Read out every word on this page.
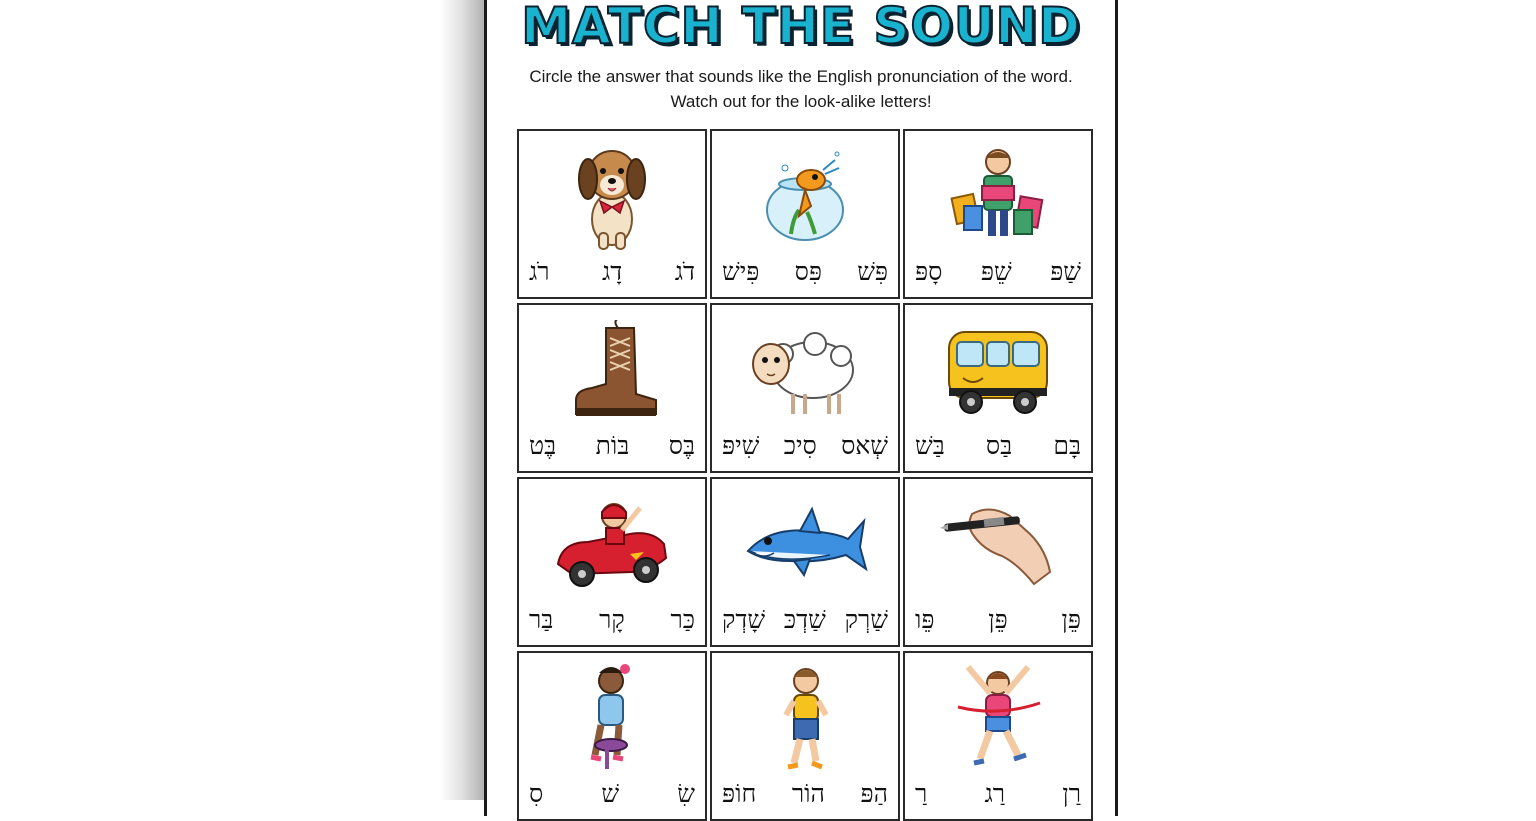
MATCH THE SOUND
Circle the answer that sounds like the English pronunciation of the word.
Watch out for the look-alike letters!
דֹג
דָג
רֹג	פִּשׁ
פִּס
פִּישׁ	שַׁפּ
שֵׁפּ
סָפּ
בֶּס
בּוֹת
בֶּט	שְׁאס
סִיכ
שִׁיפּ	בָּם
בַּס
בַּשׁ
כַּר
קָר
בַּר	שַׁרְק
שַׁדְכּ
שָׁדְק	פֵּן
פֵּן
פֵּו
שִׂ
שׁ
סִ	הַפּ
הוֹר
חוֹפּ	רַן
רַג
רַ
